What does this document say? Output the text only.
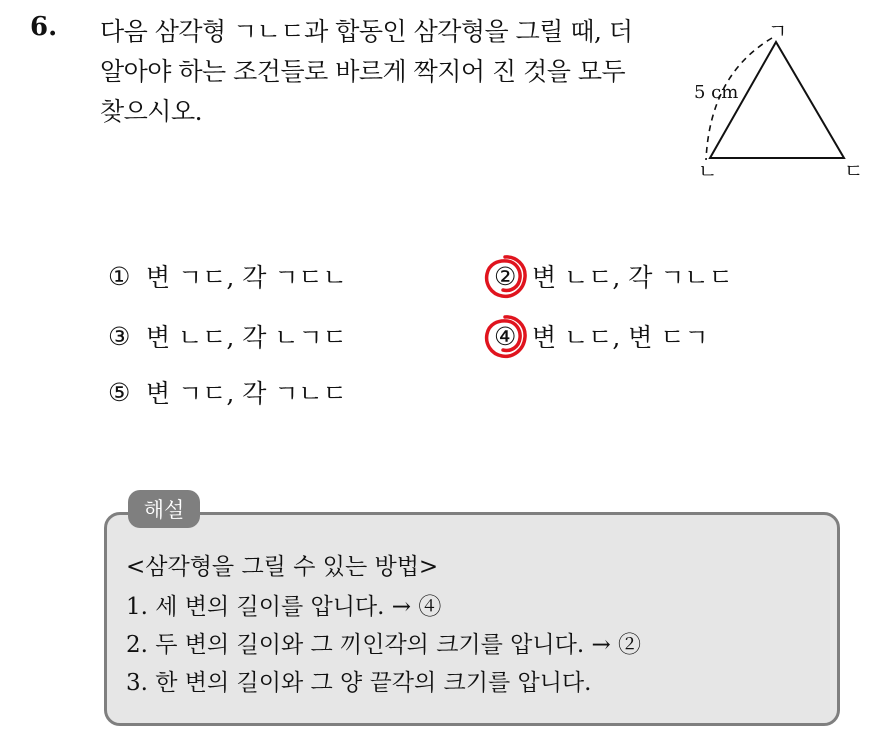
6. 다음 삼각형 ㄱㄴㄷ과 합동인 삼각형을 그릴 때, 더
알아야 하는 조건들로 바르게 짝지어 진 것을 모두
찾으시오.
ㄱ
ㄴ	ㄷ
5 cm
① 변 ㄱㄷ, 각 ㄱㄷㄴ	② 변 ㄴㄷ, 각 ㄱㄴㄷ
③ 변 ㄴㄷ, 각 ㄴㄱㄷ	④ 변 ㄴㄷ, 변 ㄷㄱ
⑤ 변 ㄱㄷ, 각 ㄱㄴㄷ
해설
<삼각형을 그릴 수 있는 방법>
1. 세 변의 길이를 압니다. → ④
2. 두 변의 길이와 그 끼인각의 크기를 압니다. → ②
3. 한 변의 길이와 그 양 끝각의 크기를 압니다.
